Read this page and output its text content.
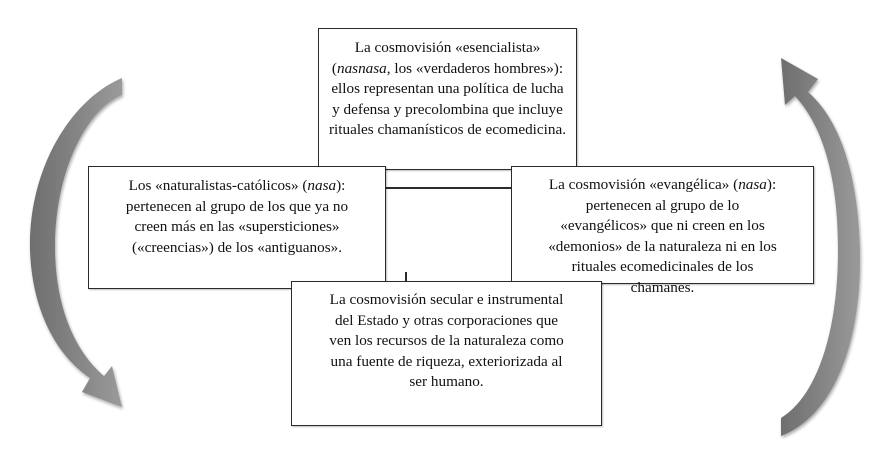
La cosmovisión «esencialista»

(nasnasa, los «verdaderos hombres»):

ellos representan una política de lucha

y defensa y precolombina que incluye

rituales chamanísticos de ecomedicina.

Los «naturalistas-católicos» (nasa):

pertenecen al grupo de los que ya no

creen más en las «supersticiones»

(«creencias») de los «antiguanos».

La cosmovisión «evangélica» (nasa):

pertenecen al grupo de lo

«evangélicos» que ni creen en los

«demonios» de la naturaleza ni en los

rituales ecomedicinales de los

chamanes.

La cosmovisión secular e instrumental

del Estado y otras corporaciones que

ven los recursos de la naturaleza como

una fuente de riqueza, exteriorizada al

ser humano.
